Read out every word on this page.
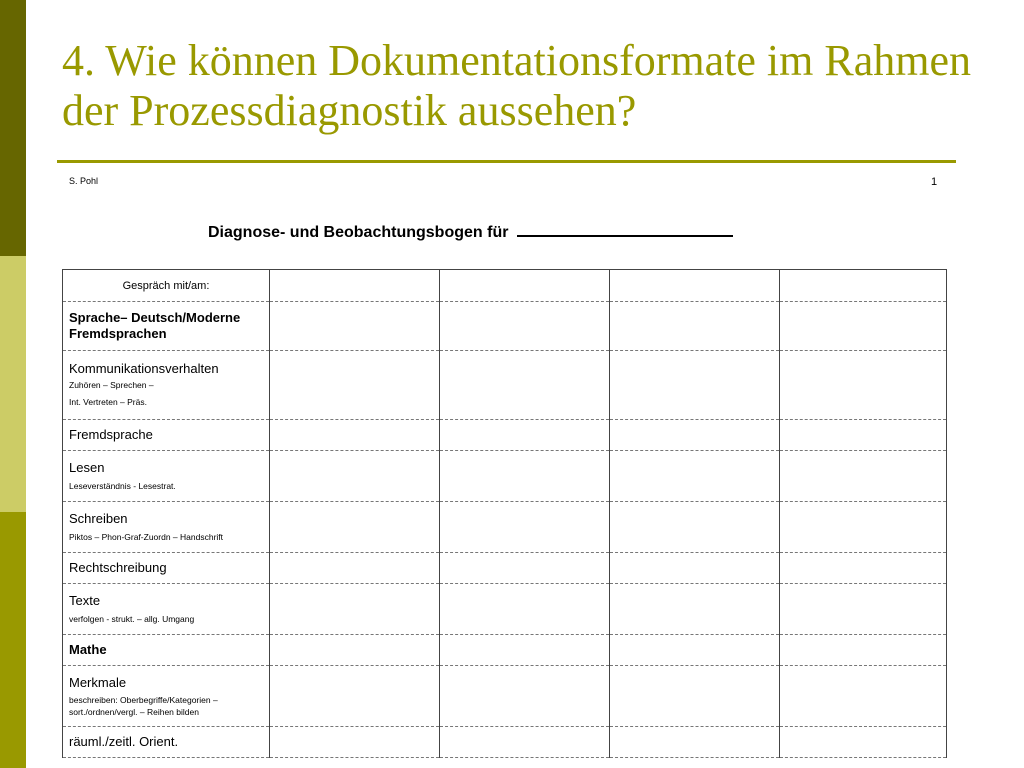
4. Wie können Dokumentationsformate im Rahmen der Prozessdiagnostik aussehen?
S. Pohl	1
Diagnose- und Beobachtungsbogen für
Gespräch mit/am:				

Sprache– Deutsch/Moderne Fremdsprachen				

Kommunikationsverhalten
Zuhören – Sprechen –
Int. Vertreten – Präs.				

Fremdsprache				

Lesen
Leseverständnis - Lesestrat.				

Schreiben
Piktos – Phon-Graf-Zuordn – Handschrift				

Rechtschreibung				

Texte
verfolgen - strukt. – allg. Umgang				

Mathe				

Merkmale
beschreiben: Oberbegriffe/Kategorien –
sort./ordnen/vergl. – Reihen bilden				

räuml./zeitl. Orient.				
